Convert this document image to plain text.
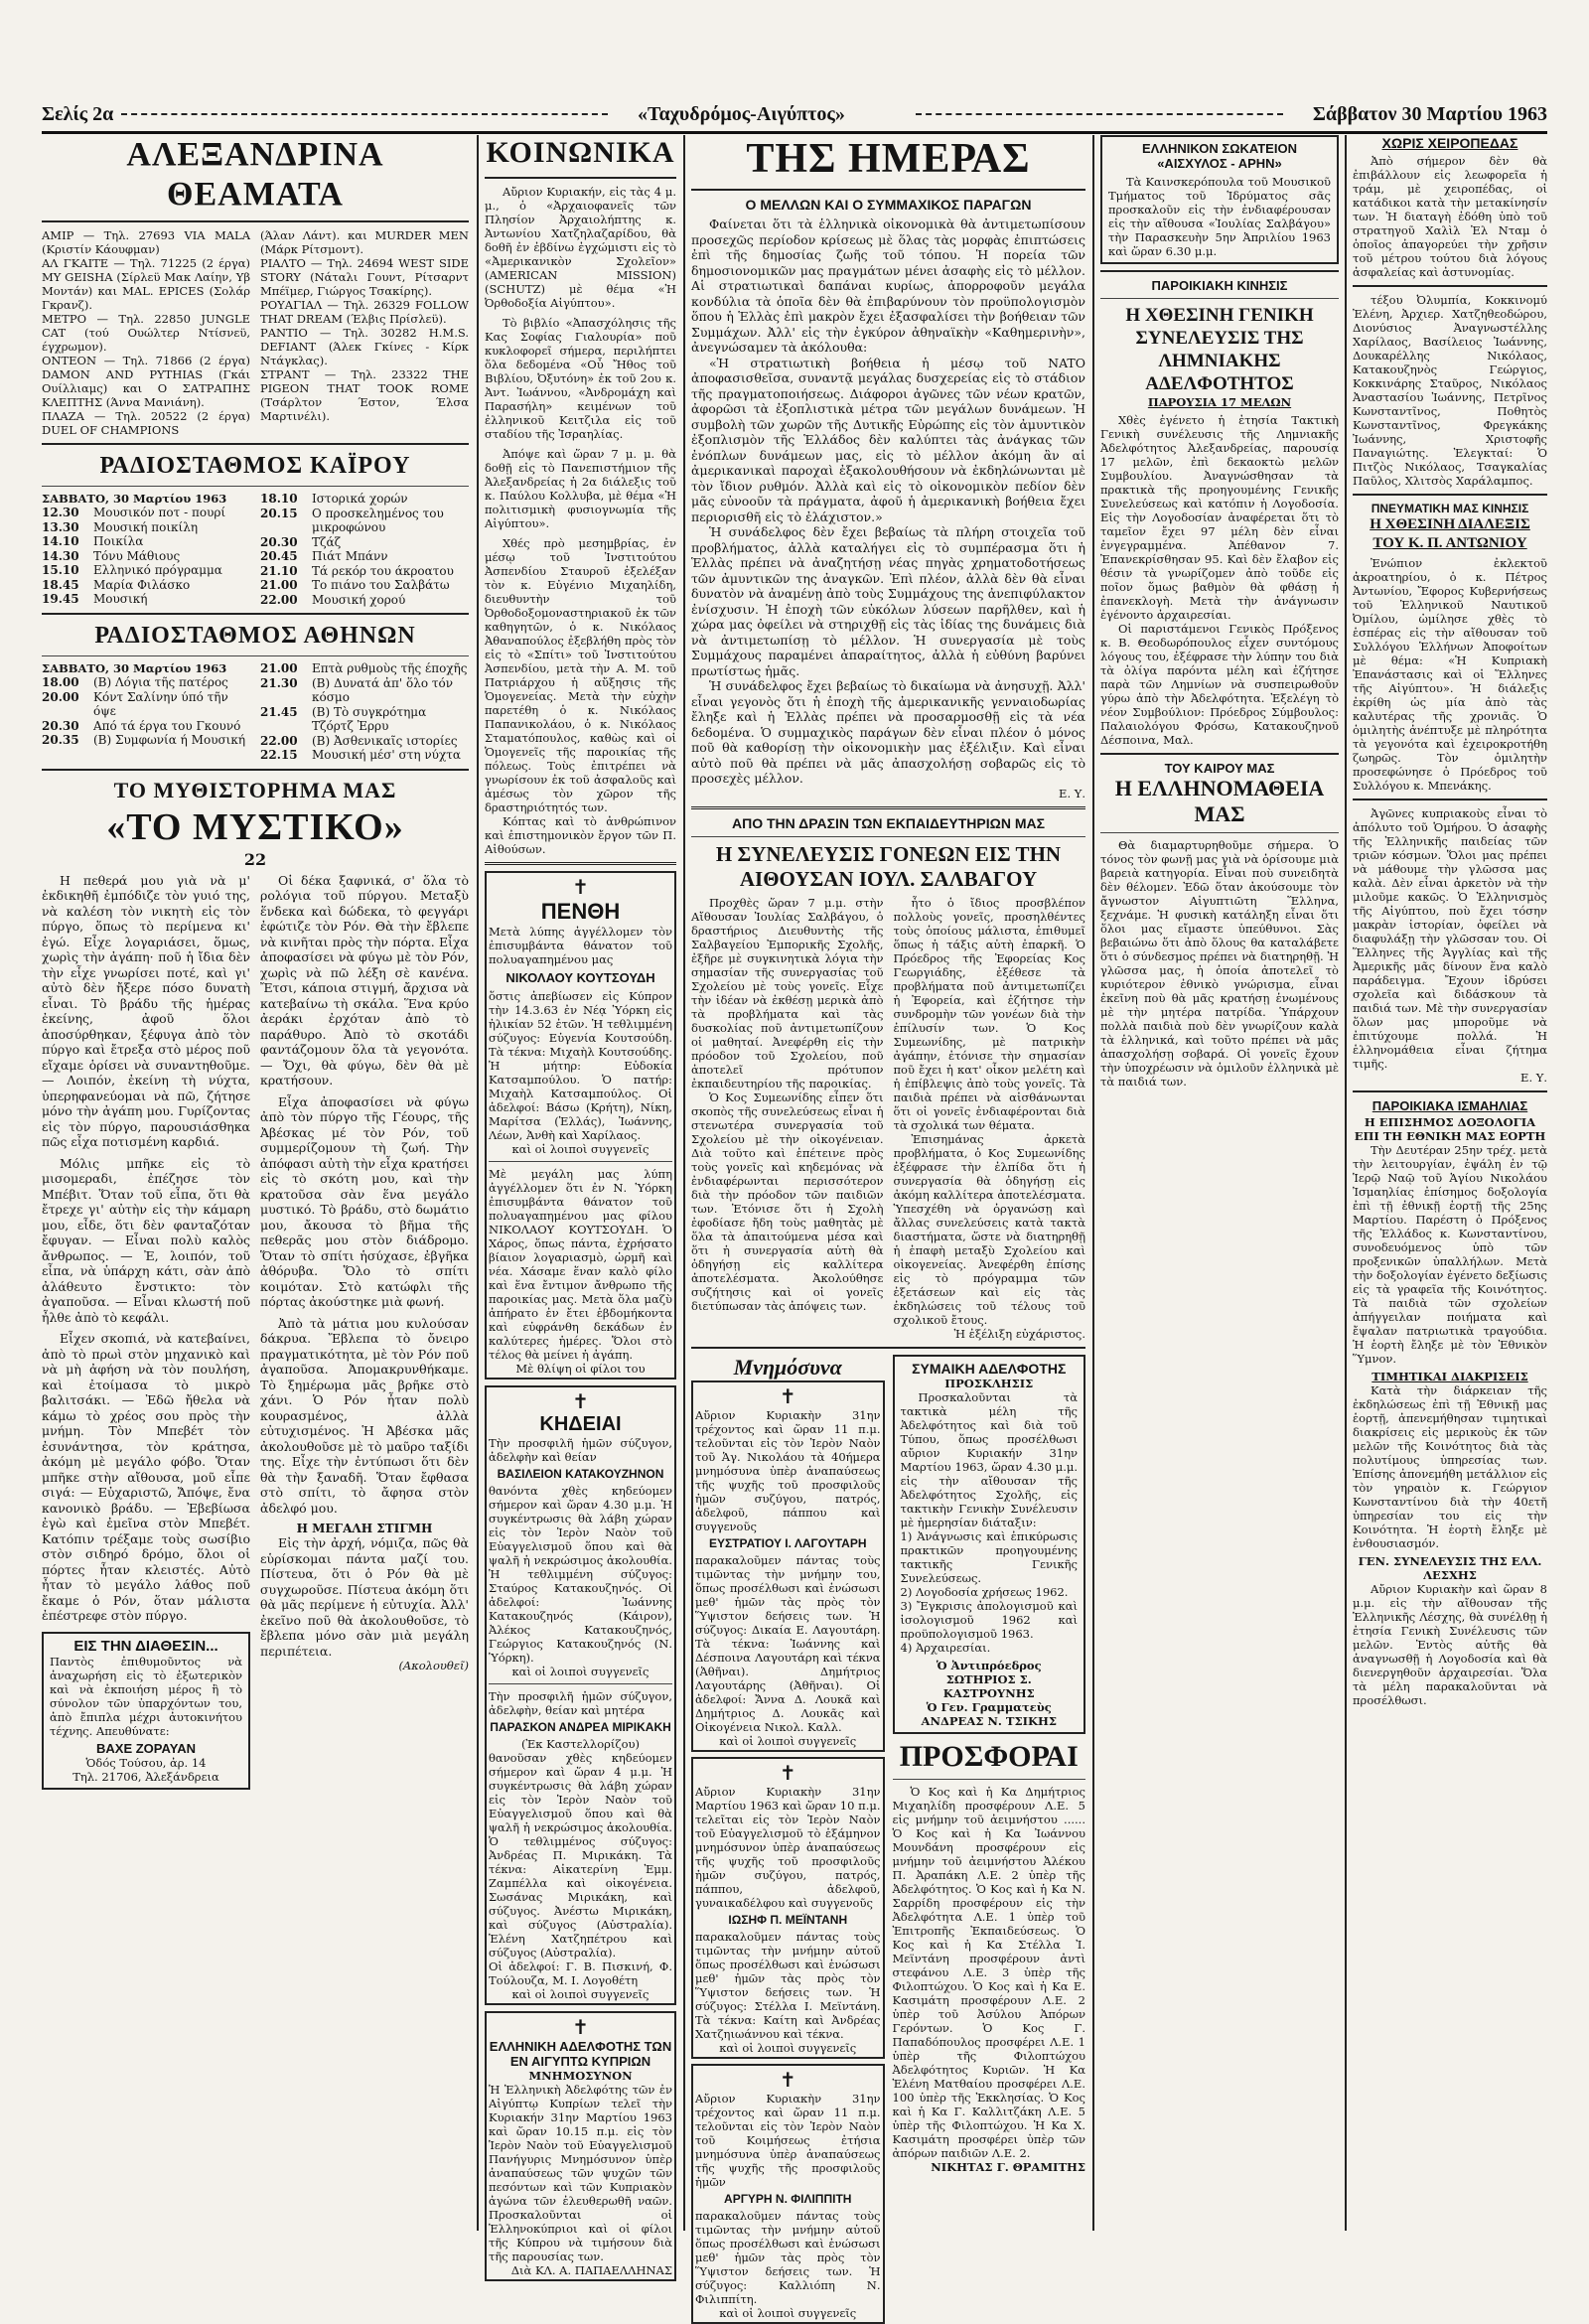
Σελίς 2α	«Ταχυδρόμος-Αιγύπτος»	Σάββατον 30 Μαρτίου 1963
ΑΛΕΞΑΝΔΡΙΝΑ ΘΕΑΜΑΤΑ

ΑΜΙΡ — Τηλ. 27693 VIA MALA (Κριστίν Κάουφμαν)

ΑΛ ΓΚΑΙΤΕ — Τηλ. 71225 (2 έργα) MY GEISHA (Σίρλεϋ Μακ Λαίην, Υβ Μοντάν) και MAL. EPICES (Σολάρ Γκρανζ).

ΜΕΤΡΟ — Τηλ. 22850 JUNGLE CAT (τού Ουώλτερ Ντίσνεϋ, έγχρωμον).

ΟΝΤΕΟΝ — Τηλ. 71866 (2 έργα) DAMON AND PYTHIAS (Γκάι Ουίλλιαμς) και Ο ΣΑΤΡΑΠΗΣ ΚΛΕΠΤΗΣ (Άννα Μανιάνη).

ΠΛΑΖΑ — Τηλ. 20522 (2 έργα) DUEL OF CHAMPIONS

(Άλαν Λάντ). και MURDER MEN (Μάρκ Ρίτσμοντ).

ΡΙΑΛΤΟ — Τηλ. 24694 WEST SIDE STORY (Νάταλι Γουντ, Ρίτσαρντ Μπέϊμερ, Γιώργος Τσακίρης).

ΡΟΥΑΓΙΑΛ — Τηλ. 26329 FOLLOW THAT DREAM (Έλβις Πρίσλεϋ).

ΡΑΝΤΙΟ — Τηλ. 30282 H.M.S. DEFIANT (Άλεκ Γκίνες - Κίρκ Ντάγκλας).

ΣΤΡΑΝΤ — Τηλ. 23322 THE PIGEON THAT TOOK ROME (Τσάρλτον Έστον, Έλσα Μαρτινέλι).

ΡΑΔΙΟΣΤΑΘΜΟΣ ΚΑΪΡΟΥ
ΣΑΒΒΑΤΟ, 30 Μαρτίου 1963
12.30	Μουσικόν ποτ - πουρί
13.30	Μουσική ποικίλη
14.10	Ποικίλα
14.30	Τόνυ Μάθιους
15.10	Ελληνικό πρόγραμμα
18.45	Μαρία Φιλάσκο
19.45	Μουσική
18.10	Ιστορικά χορών
20.15	Ο προσκελημένος του μικροφώνου
20.30	Τζάζ
20.45	Πιάτ Μπάνν
21.10	Τά ρεκόρ του άκροατου
21.00	Το πιάνο του Σαλβάτω
22.00	Μουσική χορού
ΡΑΔΙΟΣΤΑΘΜΟΣ ΑΘΗΝΩΝ
ΣΑΒΒΑΤΟ, 30 Μαρτίου 1963
18.00	(Β) Λόγια τῆς πατέρος
20.00	Κόντ Σαλίνην ύπό τῆν όψε
20.30	Από τά έργα του Γκουνό
20.35	(Β) Συμφωνία ή Μουσική
21.00	Επτὰ ρυθμοὺς τῆς έποχῆς
21.30	(Β) Δυνατά ἀπ' ὅλο τόν κόσμο
21.45	(Β) Τὸ συγκρότημα Τζόρτζ Ἐρρυ
22.00	(Β) Ἀσθενικαῖς ιστορίες
22.15	Μουσική μέσ' στη νύχτα
ΤΟ ΜΥΘΙΣΤΟΡΗΜΑ ΜΑΣ
«ΤΟ ΜΥΣΤΙΚΟ»
22

Η πεθερά μου γιὰ νὰ μ' ἐκδικηθῆ ἐμπόδιζε τὸν γυιό της, νὰ καλέση τὸν νικητὴ εἰς τὸν πύργο, ὅπως τὸ περίμενα κι' ἐγώ. Εἶχε λογαριάσει, ὅμως, χωρὶς τὴν ἀγάπη· ποῦ ἡ ἴδια δὲν τὴν εἶχε γνωρίσει ποτέ, καὶ γι' αὐτὸ δὲν ἤξερε πόσο δυνατὴ εἶναι. Τὸ βράδυ τῆς ἡμέρας ἐκείνης, ἀφοῦ ὅλοι ἀποσύρθηκαν, ξέφυγα ἀπὸ τὸν πύργο καὶ ἔτρεξα στὸ μέρος ποῦ εἴχαμε ὁρίσει νὰ συναντηθοῦμε. — Λοιπόν, ἐκείνη τὴ νύχτα, ὑπερηφανεύομαι νὰ πῶ, ζήτησε μόνο τὴν ἀγάπη μου. Γυρίζοντας εἰς τὸν πύργο, παρουσιάσθηκα πῶς εἶχα ποτισμένη καρδιά.

Μόλις μπῆκε εἰς τὸ μισομεραδι, ἐπέζησε τὸν Μπέβιτ. Ὅταν τοῦ εἶπα, ὅτι θὰ ἔτρεχε γι' αὐτὴν εἰς τὴν κάμαρη μου, εἶδε, ὅτι δὲν φανταζόταν ἔφυγαν. — Εἶναι πολὺ καλὸς ἄνθρωπος. — Ἐ, λοιπόν, τοῦ εἶπα, νὰ ὑπάρχη κάτι, σὰν ἀπὸ ἀλάθευτο ἔνστικτο: τὸν ἀγαποῦσα. — Εἶναι κλωστή ποῦ ἦλθε ἀπὸ τὸ κεφάλι.

Εἶχεν σκοπιά, νὰ κατεβαίνει, ἀπὸ τὸ πρωὶ στὸν μηχανικὸ καὶ νὰ μὴ ἀφήση νὰ τὸν πουλήση, καὶ ἐτοίμασα τὸ μικρὸ βαλιτσάκι. — Ἐδῶ ἤθελα νὰ κάμω τὸ χρέος σου πρὸς τὴν μνήμη. Τὸν Μπεβέτ τὸν ἐσυνάντησα, τὸν κράτησα, ἀκόμη μὲ μεγάλο φόβο. Ὅταν μπῆκε στὴν αἴθουσα, μοῦ εἶπε σιγά: — Εὐχαριστῶ, Ἄπόψε, ἔνα κανονικὸ βράδυ. — Ἐβεβίωσα ἐγὼ καὶ ἐμεῖνα στὸν Μπεβέτ. Κατόπιν τρέξαμε τοὺς σωσίβιο στὸν σιδηρό δρόμο, ὅλοι οἱ πόρτες ἦταν κλειστές. Αὐτὸ ἦταν τὸ μεγάλο λάθος ποῦ ἔκαμε ὁ Ρόν, ὅταν μάλιστα ἐπέστρεφε στὸν πύργο.

ΕΙΣ ΤΗΝ ΔΙΑΘΕΣΙΝ...

Παντὸς ἐπιθυμοῦντος νὰ ἀναχωρήση εἰς τὸ ἐξωτερικὸν καὶ νὰ ἐκποιήση μέρος ἢ τὸ σύνολον τῶν ὑπαρχόντων του, ἀπὸ ἔπιπλα μέχρι ἀυτοκινήτου τέχνης. Απευθύνατε:

ΒΑΧΕ ΖΟΡΑΥΑΝ
Ὁδός Τούσου, ἀρ. 14
Τηλ. 21706, Ἀλεξάνδρεια

Οἱ δέκα ξαφνικά, σ' ὅλα τὸ ρολόγια τοῦ πύργου. Μεταξὺ ἕνδεκα καὶ δώδεκα, τὸ φεγγάρι ἐφώτιζε τὸν Ρόν. Θὰ τὴν ἔβλεπε νὰ κινῆται πρὸς τὴν πόρτα. Εἶχα ἀποφασίσει νὰ φύγω μὲ τὸν Ρόν, χωρὶς νὰ πῶ λέξη σὲ κανένα. Ἔτσι, κάποια στιγμή, ἄρχισα νὰ κατεβαίνω τὴ σκάλα. Ἕνα κρύο ἀεράκι ἐρχόταν ἀπὸ τὸ παράθυρο. Ἀπὸ τὸ σκοτάδι φαντάζομουν ὅλα τὰ γεγονότα. — Ὄχι, θὰ φύγω, δὲν θὰ μὲ κρατήσουν.

Εἶχα ἀποφασίσει νὰ φύγω ἀπὸ τὸν πύργο τῆς Γέουρς, τῆς Ἀβέσκας μέ τὸν Ρόν, τοῦ συμμερίζομουν τὴ ζωή. Τὴν ἀπόφασι αὐτὴ τὴν εἶχα κρατήσει εἰς τὸ σκότη μου, καὶ τὴν κρατοῦσα σὰν ἕνα μεγάλο μυστικό. Τὸ βράδυ, στὸ δωμάτιο μου, ἄκουσα τὸ βῆμα τῆς πεθερᾶς μου στὸν διάδρομο. Ὅταν τὸ σπίτι ἡσύχασε, ἐβγῆκα ἀθόρυβα. Ὅλο τὸ σπίτι κοιμόταν. Στὸ κατώφλι τῆς πόρτας ἀκούστηκε μιὰ φωνή.

Ἀπὸ τὰ μάτια μου κυλούσαν δάκρυα. Ἔβλεπα τὸ ὄνειρο πραγματικότητα, μὲ τὸν Ρόν ποῦ ἀγαποῦσα. Ἀπομακρυνθήκαμε. Τὸ ξημέρωμα μᾶς βρῆκε στὸ χάνι. Ὁ Ρόν ἦταν πολὺ κουρασμένος, ἀλλὰ εὐτυχισμένος. Ἡ Ἀβέσκα μᾶς ἀκολουθοῦσε μὲ τὸ μαῦρο ταξίδι της. Εἶχε τὴν ἐντύπωσι ὅτι δὲν θὰ τὴν ξαναδῆ. Ὅταν ἔφθασα στὸ σπίτι, τὸ ἄφησα στὸν ἀδελφό μου.

Η ΜΕΓΑΛΗ ΣΤΙΓΜΗ

Εἰς τὴν ἀρχή, νόμιζα, πῶς θὰ εὑρίσκομαι πάντα μαζί του. Πίστευα, ὅτι ὁ Ρόν θὰ μὲ συγχωροῦσε. Πίστευα ἀκόμη ὅτι θὰ μᾶς περίμενε ἡ εὐτυχία. Ἀλλ' ἐκεῖνο ποῦ θὰ ἀκολουθοῦσε, τὸ ἔβλεπα μόνο σὰν μιὰ μεγάλη περιπέτεια.

(Ακολουθεῖ)
ΚΟΙΝΩΝΙΚΑ

Αὔριον Κυριακήν, εἰς τὰς 4 μ. μ., ὁ «Ἀρχαιοφανεῖς τῶν Πλησίον Ἀρχαιολήπτης κ. Ἀντωνίου Χατζηλαζαρίδου, θὰ δοθῆ ἐν ἐβδίνω ἐγχώμιστι εἰς τὸ «Ἀμερικανικὸν Σχολεῖον» (AMERICAN MISSION) (SCHUTZ) μὲ θέμα «Ἡ Ὀρθοδοξία Αἰγύπτου».

Τὸ βιβλίο «Ἀπασχόλησις τῆς Κας Σοφίας Γιαλουρία» ποῦ κυκλοφορεῖ σήμερα, περιλήπτει ὅλα δεδομένα «Οὗ Ἤθος τοῦ Βιβλίου, Ὀξυτόνη» ἐκ τοῦ 2ου κ. Ἀντ. Ἰωάννου, «Ἀνδρομάχη καὶ Παρασήλη» κειμένων τοῦ ἐλληνικοῦ Κειτζιλα εἰς τοῦ σταδίου τῆς Ἰσραηλίας.

Ἀπόψε καὶ ὥραν 7 μ. μ. θὰ δοθῇ εἰς τὸ Πανεπιστήμιον τῆς Ἀλεξανδρείας ἡ 2α διάλεξις τοῦ κ. Παύλου Κολλυβα, μὲ θέμα «Ἡ πολιτισμικὴ φυσιογνωμία τῆς Αἰγύπτου».

Χθές πρὸ μεσημβρίας, ἐν μέσῳ τοῦ Ἰνστιτούτου Ἀσπενδίου Σταυροῦ ἐξελέξαν τὸν κ. Εὐγένιο Μιχαηλίδη, διευθυντὴν τοῦ Ὀρθοδοξομοναστηριακοῦ ἐκ τῶν καθηγητῶν, ὁ κ. Νικόλαος Ἀθαναπούλος ἐξεβλήθη πρὸς τὸν εἰς τὸ «Σπίτι» τοῦ Ἰνστιτούτου Ἀσπενδίου, μετὰ τὴν Α. Μ. τοῦ Πατριάρχου ἡ αὔξησις τῆς Ὁμογενείας. Μετὰ τὴν εὐχὴν παρετέθη ὁ κ. Νικόλαος Παπανικολάου, ὁ κ. Νικόλαος Σταματόπουλος, καθὼς καὶ οἱ Ὁμογενεῖς τῆς παροικίας τῆς πόλεως. Τοὺς ἐπιτρέπει νὰ γνωρίσουν ἐκ τοῦ ἀσφαλοῦς καὶ ἀμέσως τὸν χῶρον τῆς δραστηριότητός των.

Κόπτας καὶ τὸ ἀνθρώπινον καὶ ἐπιστημονικὸν ἔργον τῶν Π. Αἰθούσων.

✝
ΠΕΝΘΗ

Μετὰ λύπης ἀγγέλλομεν τὸν ἐπισυμβάντα θάνατον τοῦ πολυαγαπημένου μας

ΝΙΚΟΛΑΟΥ ΚΟΥΤΣΟΥΔΗ

ὅστις ἀπεβίωσεν εἰς Κύπρον τὴν 14.3.63 ἐν Νέᾳ Ὑόρκη εἰς ἡλικίαν 52 ἐτῶν. Ἡ τεθλιμμένη σύζυγος: Εὐγενία Κουτσούδη. Τὰ τέκνα: Μιχαὴλ Κουτσούδης. Ἡ μήτηρ: Εὐδοκία Κατσαμπούλου. Ὁ πατήρ: Μιχαὴλ Κατσαμπούλος. Οἱ ἀδελφοί: Βάσω (Κρήτη), Νίκη, Μαρίτσα (Ἑλλάς), Ἰωάννης, Λέων, Ἀνθὴ καὶ Χαρίλαος.

καὶ οἱ λοιποὶ συγγενεῖς

Μὲ μεγάλη μας λύπη ἀγγέλλομεν ὅτι ἐν Ν. Ὑόρκη ἐπισυμβάντα θάνατον τοῦ πολυαγαπημένου μας φίλου ΝΙΚΟΛΑΟΥ ΚΟΥΤΣΟΥΔΗ. Ὁ Χάρος, ὅπως πάντα, ἐχρήσατο βίαιον λογαριασμὸ, ὡρμῆ καὶ νέα. Χάσαμε ἕναν καλὸ φίλο καὶ ἕνα ἔντιμον ἄνθρωπο τῆς παροικίας μας. Μετὰ ὅλα μαζὺ ἀπήρατο ἐν ἔτει ἑβδομήκοντα καὶ εὐφράνθη δεκάδων ἐν καλύτερες ἡμέρες. Ὅλοι στὸ τέλος θὰ μείνει ἡ ἀγάπη.

Μὲ θλίψη οἱ φίλοι του
✝
ΚΗΔΕΙΑΙ

Τὴν προσφιλῆ ἡμῶν σύζυγον, ἀδελφὴν καὶ θείαν

ΒΑΣΙΛΕΙΟΝ ΚΑΤΑΚΟΥΖΗΝΟΝ

θανόντα χθὲς κηδεύομεν σήμερον καὶ ὥραν 4.30 μ.μ. Ἡ συγκέντρωσις θὰ λάβη χώραν εἰς τὸν Ἱερὸν Ναὸν τοῦ Εὐαγγελισμοῦ ὅπου καὶ θὰ ψαλῆ ἡ νεκρώσιμος ἀκολουθία. Ἡ τεθλιμμένη σύζυγος: Σταύρος Κατακουζηνός. Οἱ ἀδελφοί: Ἰωάννης Κατακουζηνός (Κάιρον), Ἀλέκος Κατακουζηνός, Γεώργιος Κατακουζηνός (Ν. Ὑόρκη).

καὶ οἱ λοιποὶ συγγενεῖς

Τὴν προσφιλῆ ἡμῶν σύζυγον, ἀδελφὴν, θείαν καὶ μητέρα

ΠΑΡΑΣΚΟΝ ΑΝΔΡΕΑ ΜΙΡΙΚΑΚΗ
(Ἐκ Καστελλορίζου)

θανοῦσαν χθὲς κηδεύομεν σήμερον καὶ ὥραν 4 μ.μ. Ἡ συγκέντρωσις θὰ λάβη χώραν εἰς τὸν Ἱερὸν Ναὸν τοῦ Εὐαγγελισμοῦ ὅπου καὶ θὰ ψαλῆ ἡ νεκρώσιμος ἀκολουθία. Ὁ τεθλιμμένος σύζυγος: Ἀνδρέας Π. Μιρικάκη. Τὰ τέκνα: Αἰκατερίνη Ἐμμ. Ζαμπέλλα καὶ οἰκογένεια. Σωσάνας Μιρικάκη, καὶ σύζυγος. Ἀνέστω Μιρικάκη, καὶ σύζυγος (Αὐστραλία). Ἑλένη Χατζηπέτρου καὶ σύζυγος (Αὐστραλία).

Οἱ ἀδελφοί: Γ. Β. Πισκινή, Φ. Τούλουζα, Μ. Ι. Λογοθέτη

καὶ οἱ λοιποὶ συγγενεῖς
✝
ΕΛΛΗΝΙΚΗ ΑΔΕΛΦΟΤΗΣ ΤΩΝ ΕΝ ΑΙΓΥΠΤΩ ΚΥΠΡΙΩΝ
ΜΝΗΜΟΣΥΝΟΝ

Ἡ Ἑλληνικὴ Ἀδελφότης τῶν ἐν Αἰγύπτῳ Κυπρίων τελεῖ τὴν Κυριακήν 31ην Μαρτίου 1963 καὶ ὥραν 10.15 π.μ. εἰς τὸν Ἱερὸν Ναὸν τοῦ Εὐαγγελισμοῦ Πανήγυρις Μνημόσυνον ὑπὲρ ἀναπαύσεως τῶν ψυχῶν τῶν πεσόντων καὶ τῶν Κυπριακὸν ἀγώνα τῶν ἐλευθερωθῆ ναῶν. Προσκαλοῦνται οἱ Ἑλληνοκύπριοι καὶ οἱ φίλοι τῆς Κύπρου νὰ τιμήσουν διὰ τῆς παρουσίας των.

Διὰ ΚΛ. Α. ΠΑΠΑΕΛΛΗΝΑΣ
ΤΗΣ ΗΜΕΡΑΣ
Ο ΜΕΛΛΩΝ ΚΑΙ Ο ΣΥΜΜΑΧΙΚΟΣ ΠΑΡΑΓΩΝ

Φαίνεται ὅτι τὰ ἑλληνικὰ οἰκονομικὰ θὰ ἀντιμετωπίσουν προσεχῶς περίοδον κρίσεως μὲ ὅλας τὰς μορφὰς ἐπιπτώσεις ἐπὶ τῆς δημοσίας ζωῆς τοῦ τόπου. Ἡ πορεία τῶν δημοσιονομικῶν μας πραγμάτων μένει ἀσαφὴς εἰς τὸ μέλλον. Αἱ στρατιωτικαὶ δαπάναι κυρίως, ἀπορροφοῦν μεγάλα κονδύλια τὰ ὁποῖα δὲν θὰ ἐπιβαρύνουν τὸν προϋπολογισμὸν ὅπου ἡ Ἑλλὰς ἐπὶ μακρὸν ἔχει ἐξασφαλίσει τὴν βοήθειαν τῶν Συμμάχων. Ἀλλ' εἰς τὴν ἐγκύρον ἀθηναϊκὴν «Καθημερινὴν», ἀνεγνώσαμεν τὰ ἀκόλουθα:

«Ἡ στρατιωτικὴ βοήθεια ἡ μέσῳ τοῦ NATO ἀποφασισθεῖσα, συναντᾷ μεγάλας δυσχερείας εἰς τὸ στάδιον τῆς πραγματοποιήσεως. Διάφοροι ἀγῶνες τῶν νέων κρατῶν, ἀφορῶσι τὰ ἐξοπλιστικὰ μέτρα τῶν μεγάλων δυνάμεων. Ἡ συμβολὴ τῶν χωρῶν τῆς Δυτικῆς Εὐρώπης εἰς τὸν ἀμυντικὸν ἐξοπλισμὸν τῆς Ἑλλάδος δὲν καλύπτει τὰς ἀνάγκας τῶν ἐνόπλων δυνάμεων μας, εἰς τὸ μέλλον ἀκόμη ἂν αἱ ἀμερικανικαὶ παροχαὶ ἐξακολουθήσουν νὰ ἐκδηλώνωνται μὲ τὸν ἴδιον ρυθμόν. Ἀλλὰ καὶ εἰς τὸ οἰκονομικὸν πεδίον δὲν μᾶς εὐνοοῦν τὰ πράγματα, ἀφοῦ ἡ ἀμερικανικὴ βοήθεια ἔχει περιορισθῆ εἰς τὸ ἐλάχιστον.»

Ἡ συνάδελφος δὲν ἔχει βεβαίως τὰ πλήρη στοιχεῖα τοῦ προβλήματος, ἀλλὰ καταλήγει εἰς τὸ συμπέρασμα ὅτι ἡ Ἑλλὰς πρέπει νὰ ἀναζητήσῃ νέας πηγὰς χρηματοδοτήσεως τῶν ἀμυντικῶν της ἀναγκῶν. Ἐπὶ πλέον, ἀλλὰ δὲν θὰ εἶναι δυνατὸν νὰ ἀναμένῃ ἀπὸ τοὺς Συμμάχους της ἀνεπιφύλακτον ἐνίσχυσιν. Ἡ ἐποχὴ τῶν εὐκόλων λύσεων παρῆλθεν, καὶ ἡ χώρα μας ὀφείλει νὰ στηριχθῇ εἰς τὰς ἰδίας της δυνάμεις διὰ νὰ ἀντιμετωπίσῃ τὸ μέλλον. Ἡ συνεργασία μὲ τοὺς Συμμάχους παραμένει ἀπαραίτητος, ἀλλὰ ἡ εὐθύνη βαρύνει πρωτίστως ἡμᾶς.

Ἡ συνάδελφος ἔχει βεβαίως τὸ δικαίωμα νὰ ἀνησυχῇ. Ἀλλ' εἶναι γεγονὸς ὅτι ἡ ἐποχὴ τῆς ἀμερικανικῆς γενναιοδωρίας ἔληξε καὶ ἡ Ἑλλὰς πρέπει νὰ προσαρμοσθῇ εἰς τὰ νέα δεδομένα. Ὁ συμμαχικὸς παράγων δὲν εἶναι πλέον ὁ μόνος ποῦ θὰ καθορίσῃ τὴν οἰκονομικὴν μας ἐξέλιξιν. Καὶ εἶναι αὐτὸ ποῦ θὰ πρέπει νὰ μᾶς ἀπασχολήσῃ σοβαρῶς εἰς τὸ προσεχὲς μέλλον.

Ε. Υ.
ΑΠΟ ΤΗΝ ΔΡΑΣΙΝ ΤΩΝ ΕΚΠΑΙΔΕΥΤΗΡΙΩΝ ΜΑΣ
Η ΣΥΝΕΛΕΥΣΙΣ ΓΟΝΕΩΝ ΕΙΣ ΤΗΝ ΑΙΘΟΥΣΑΝ ΙΟΥΛ. ΣΑΛΒΑΓΟΥ

Προχθὲς ὥραν 7 μ.μ. στὴν Αἴθουσαν Ἰουλίας Σαλβάγου, ὁ δραστήριος Διευθυντὴς τῆς Σαλβαγείου Ἐμπορικῆς Σχολῆς, ἐξῆρε μὲ συγκινητικὰ λόγια τὴν σημασίαν τῆς συνεργασίας τοῦ Σχολείου μὲ τοὺς γονεῖς. Εἶχε τὴν ἰδέαν νὰ ἐκθέσῃ μερικὰ ἀπὸ τὰ προβλήματα καὶ τὰς δυσκολίας ποῦ ἀντιμετωπίζουν οἱ μαθηταί. Ἀνεφέρθη εἰς τὴν πρόοδον τοῦ Σχολείου, ποῦ ἀποτελεῖ πρότυπον ἐκπαιδευτηρίου τῆς παροικίας.

Ὁ Κος Συμεωνίδης εἶπεν ὅτι σκοπὸς τῆς συνελεύσεως εἶναι ἡ στενωτέρα συνεργασία τοῦ Σχολείου μὲ τὴν οἰκογένειαν. Διὰ τοῦτο καὶ ἐπέτεινε πρὸς τοὺς γονεῖς καὶ κηδεμόνας νὰ ἐνδιαφέρωνται περισσότερον διὰ τὴν πρόοδον τῶν παιδιῶν των. Ἐτόνισε ὅτι ἡ Σχολὴ ἐφοδίασε ἤδη τοὺς μαθητὰς μὲ ὅλα τὰ ἀπαιτούμενα μέσα καὶ ὅτι ἡ συνεργασία αὐτὴ θὰ ὁδηγήσῃ εἰς καλλίτερα ἀποτελέσματα. Ἀκολούθησε συζήτησις καὶ οἱ γονεῖς διετύπωσαν τὰς ἀπόψεις των.

ἦτο ὁ ἴδιος προσβλέπον πολλοὺς γονεῖς, προσηλθέντες τοὺς ὁποίους μάλιστα, ἐπιθυμεῖ ὅπως ἡ τάξις αὐτὴ ἐπαρκῆ. Ὁ Πρόεδρος τῆς Ἐφορείας Κος Γεωργιάδης, ἐξέθεσε τὰ προβλήματα ποῦ ἀντιμετωπίζει ἡ Ἐφορεία, καὶ ἐζήτησε τὴν συνδρομὴν τῶν γονέων διὰ τὴν ἐπίλυσίν των. Ὁ Κος Συμεωνίδης, μὲ πατρικὴν ἀγάπην, ἐτόνισε τὴν σημασίαν ποῦ ἔχει ἡ κατ' οἶκον μελέτη καὶ ἡ ἐπίβλεψις ἀπὸ τοὺς γονεῖς. Τὰ παιδιὰ πρέπει νὰ αἰσθάνωνται ὅτι οἱ γονεῖς ἐνδιαφέρονται διὰ τὰ σχολικά των θέματα.

Ἐπισημάνας ἀρκετὰ προβλήματα, ὁ Κος Συμεωνίδης ἐξέφρασε τὴν ἐλπίδα ὅτι ἡ συνεργασία θὰ ὁδηγήσῃ εἰς ἀκόμη καλλίτερα ἀποτελέσματα. Ὑπεσχέθη νὰ ὀργανώσῃ καὶ ἄλλας συνελεύσεις κατὰ τακτὰ διαστήματα, ὥστε νὰ διατηρηθῇ ἡ ἐπαφὴ μεταξὺ Σχολείου καὶ οἰκογενείας. Ἀνεφέρθη ἐπίσης εἰς τὸ πρόγραμμα τῶν ἐξετάσεων καὶ εἰς τὰς ἐκδηλώσεις τοῦ τέλους τοῦ σχολικοῦ ἔτους.

Ἡ ἐξέλιξη εὐχάριστος.
Μνημόσυνα
✝

Αὔριον Κυριακὴν 31ην τρέχοντος καὶ ὥραν 11 π.μ. τελοῦνται εἰς τὸν Ἱερὸν Ναὸν τοῦ Ἁγ. Νικολάου τὰ 40ήμερα μνημόσυνα ὑπὲρ ἀναπαύσεως τῆς ψυχῆς τοῦ προσφιλοῦς ἡμῶν συζύγου, πατρός, ἀδελφοῦ, πάππου καὶ συγγενοῦς

ΕΥΣΤΡΑΤΙΟΥ Ι. ΛΑΓΟΥΤΑΡΗ

παρακαλοῦμεν πάντας τοὺς τιμῶντας τὴν μνήμην του, ὅπως προσέλθωσι καὶ ἑνώσωσι μεθ' ἡμῶν τὰς πρὸς τὸν Ὕψιστον δεήσεις των. Ἡ σύζυγος: Δικαία Ε. Λαγουτάρη. Τὰ τέκνα: Ἰωάννης καὶ Δέσποινα Λαγουτάρη καὶ τέκνα (Ἀθῆναι). Δημήτριος Λαγουτάρης (Ἀθῆναι). Οἱ ἀδελφοί: Ἄννα Δ. Λουκᾶ καὶ Δημήτριος Δ. Λουκᾶς καὶ Οἰκογένεια Νικολ. Καλλ.

καὶ οἱ λοιποὶ συγγενεῖς
✝

Αὔριον Κυριακὴν 31ην Μαρτίου 1963 καὶ ὥραν 10 π.μ. τελεῖται εἰς τὸν Ἱερὸν Ναὸν τοῦ Εὐαγγελισμοῦ τὸ ἑξάμηνον μνημόσυνον ὑπὲρ ἀναπαύσεως τῆς ψυχῆς τοῦ προσφιλοῦς ἡμῶν συζύγου, πατρός, πάππου, ἀδελφοῦ, γυναικαδέλφου καὶ συγγενοῦς

ΙΩΣΗΦ Π. ΜΕΪΝΤΑΝΗ

παρακαλοῦμεν πάντας τοὺς τιμῶντας τὴν μνήμην αὐτοῦ ὅπως προσέλθωσι καὶ ἑνώσωσι μεθ' ἡμῶν τὰς πρὸς τὸν Ὕψιστον δεήσεις των. Ἡ σύζυγος: Στέλλα Ι. Μεϊντάνη. Τὰ τέκνα: Καίτη καὶ Ἀνδρέας Χατζηιωάννου καὶ τέκνα.

καὶ οἱ λοιποὶ συγγενεῖς
✝

Αὔριον Κυριακὴν 31ην τρέχοντος καὶ ὥραν 11 π.μ. τελοῦνται εἰς τὸν Ἱερὸν Ναὸν τοῦ Κοιμήσεως ἐτήσια μνημόσυνα ὑπὲρ ἀναπαύσεως τῆς ψυχῆς τῆς προσφιλοῦς ἡμῶν

ΑΡΓΥΡΗ Ν. ΦΙΛΙΠΠΙΤΗ

παρακαλοῦμεν πάντας τοὺς τιμῶντας τὴν μνήμην αὐτοῦ ὅπως προσέλθωσι καὶ ἑνώσωσι μεθ' ἡμῶν τὰς πρὸς τὸν Ὕψιστον δεήσεις των. Ἡ σύζυγος: Καλλιόπη Ν. Φιλιππίτη.

καὶ οἱ λοιποὶ συγγενεῖς
ΣΥΜΑΙΚΗ ΑΔΕΛΦΟΤΗΣ
ΠΡΟΣΚΛΗΣΙΣ

Προσκαλοῦνται τὰ τακτικὰ μέλη τῆς Ἀδελφότητος καὶ διὰ τοῦ Τύπου, ὅπως προσέλθωσι αὔριον Κυριακήν 31ην Μαρτίου 1963, ὥραν 4.30 μ.μ. εἰς τὴν αἴθουσαν τῆς Ἀδελφότητος Σχολῆς, εἰς τακτικὴν Γενικὴν Συνέλευσιν μὲ ἡμερησίαν διάταξιν:

1) Ἀνάγνωσις καὶ ἐπικύρωσις πρακτικῶν προηγουμένης τακτικῆς Γενικῆς Συνελεύσεως.

2) Λογοδοσία χρήσεως 1962.

3) Ἔγκρισις ἀπολογισμοῦ καὶ ἰσολογισμοῦ 1962 καὶ προϋπολογισμοῦ 1963.

4) Ἀρχαιρεσίαι.

Ὁ Ἀντιπρόεδρος ΣΩΤΗΡΙΟΣ Σ. ΚΑΣΤΡΟΥΝΗΣ
Ὁ Γεν. Γραμματεὺς ΑΝΔΡΕΑΣ Ν. ΤΣΙΚΗΣ
ΠΡΟΣΦΟΡΑΙ

Ὁ Κος καὶ ἡ Κα Δημήτριος Μιχαηλίδη προσφέρουν Λ.Ε. 5 εἰς μνήμην τοῦ ἀειμνήστου ...... Ὁ Κος καὶ ἡ Κα Ἰωάννου Μουνδάνη προσφέρουν εἰς μνήμην τοῦ ἀειμνήστου Ἀλέκου Π. Ἀραπάκη Λ.Ε. 2 ὑπὲρ τῆς Ἀδελφότητος. Ὁ Κος καὶ ἡ Κα Ν. Σαρρίδη προσφέρουν εἰς τὴν Ἀδελφότητα Λ.Ε. 1 ὑπὲρ τοῦ Ἐπιτροπῆς Ἐκπαιδεύσεως. Ὁ Κος καὶ ἡ Κα Στέλλα Ἰ. Μεϊντάνη προσφέρουν ἀντὶ στεφάνου Λ.Ε. 3 ὑπὲρ τῆς Φιλοπτώχου. Ὁ Κος καὶ ἡ Κα Ε. Κασιμάτη προσφέρουν Λ.Ε. 2 ὑπὲρ τοῦ Ἀσύλου Ἀπόρων Γερόντων. Ὁ Κος Γ. Παπαδόπουλος προσφέρει Λ.Ε. 1 ὑπὲρ τῆς Φιλοπτώχου Ἀδελφότητος Κυριῶν. Ἡ Κα Ἑλένη Ματθαίου προσφέρει Λ.Ε. 100 ὑπὲρ τῆς Ἐκκλησίας. Ὁ Κος καὶ ἡ Κα Γ. Καλλιτζάκη Λ.Ε. 5 ὑπὲρ τῆς Φιλοπτώχου. Ἡ Κα Χ. Κασιμάτη προσφέρει ὑπὲρ τῶν ἀπόρων παιδιῶν Λ.Ε. 2.

ΝΙΚΗΤΑΣ Γ. ΘΡΑΜΙΤΗΣ
ΕΛΛΗΝΙΚΟΝ ΣΩΚΑΤΕΙΟΝ «ΑΙΣΧΥΛΟΣ - ΑΡΗΝ»

Τὰ Καινσκερόπουλα τοῦ Μουσικοῦ Τμήματος τοῦ Ἱδρύματος σᾶς προσκαλοῦν εἰς τὴν ἐνδιαφέρουσαν εἰς τὴν αἴθουσα «Ἰουλίας Σαλβάγου» τὴν Παρασκευὴν 5ην Ἀπριλίου 1963 καὶ ὥραν 6.30 μ.μ.

ΠΑΡΟΙΚΙΑΚΗ ΚΙΝΗΣΙΣ
Η ΧΘΕΣΙΝΗ ΓΕΝΙΚΗ ΣΥΝΕΛΕΥΣΙΣ ΤΗΣ ΛΗΜΝΙΑΚΗΣ ΑΔΕΛΦΟΤΗΤΟΣ
ΠΑΡΟΥΣΙΑ 17 ΜΕΛΩΝ

Χθὲς ἐγένετο ἡ ἐτησία Τακτικὴ Γενικὴ συνέλευσις τῆς Λημνιακῆς Ἀδελφότητος Ἀλεξανδρείας, παρουσίᾳ 17 μελῶν, ἐπὶ δεκαοκτὼ μελῶν Συμβουλίου. Ἀναγνώσθησαν τὰ πρακτικὰ τῆς προηγουμένης Γενικῆς Συνελεύσεως καὶ κατόπιν ἡ Λογοδοσία. Εἰς τὴν Λογοδοσίαν ἀναφέρεται ὅτι τὸ ταμεῖον ἔχει 97 μέλη δὲν εἶναι ἐνγεγραμμένα. Ἀπέθανον 7. Ἐπανεκρίσθησαν 95. Καὶ δὲν ἔλαβον εἰς θέσιν τὰ γνωρίζομεν ἀπὸ τοῦδε εἰς ποῖον ὅμως βαθμὸν θὰ φθάσῃ ἡ ἐπανεκλογὴ. Μετὰ τὴν ἀνάγνωσιν ἐγένοντο ἀρχαιρεσίαι.

Οἱ παριστάμενοι Γενικὸς Πρόξενος κ. Β. Θεοδωρόπουλος εἶχεν συντόμους λόγους του, ἐξέφρασε τὴν λύπην του διὰ τὰ ὀλίγα παρόντα μέλη καὶ ἐζήτησε παρὰ τῶν Λημνίων νὰ συσπειρωθοῦν γύρω ἀπὸ τὴν Ἀδελφότητα. Ἐξελέγη τὸ νέον Συμβούλιον: Πρόεδρος Σύμβουλος: Παλαιολόγου Φρόσω, Κατακουζηνοῦ Δέσποινα, Μαλ.

ΤΟΥ ΚΑΙΡΟΥ ΜΑΣ
Η ΕΛΛΗΝΟΜΑΘΕΙΑ ΜΑΣ

Θὰ διαμαρτυρηθοῦμε σήμερα. Ὁ τόνος τὸν φωνῇ μας γιὰ νὰ ὁρίσουμε μιὰ βαρειὰ κατηγορία. Εἶναι ποὺ συνειδητὰ δὲν θέλομεν. Ἐδῶ ὅταν ἀκούσουμε τὸν ἄγνωστον Αἰγυπτιῶτη Ἕλληνα, ξεχνάμε. Ἡ φυσικὴ κατάληξη εἶναι ὅτι ὅλοι μας εἴμαστε ὑπεύθυνοι. Σὰς βεβαιώνω ὅτι ἀπὸ ὅλους θα καταλάβετε ὅτι ὁ σύνδεσμος πρέπει νὰ διατηρηθῇ. Ἡ γλῶσσα μας, ἡ ὁποία ἀποτελεῖ τὸ κυριότερον ἐθνικὸ γνώρισμα, εἶναι ἐκεῖνη ποὺ θὰ μᾶς κρατήσῃ ἑνωμένους μὲ τὴν μητέρα πατρίδα. Ὑπάρχουν πολλὰ παιδιὰ ποὺ δὲν γνωρίζουν καλὰ τὰ ἑλληνικά, καὶ τοῦτο πρέπει νὰ μᾶς ἀπασχολήσῃ σοβαρά. Οἱ γονεῖς ἔχουν τὴν ὑποχρέωσιν νὰ ὁμιλοῦν ἑλληνικὰ μὲ τὰ παιδιά των.

ΧΩΡΙΣ ΧΕΙΡΟΠΕΔΑΣ

Ἀπὸ σήμερον δὲν θὰ ἐπιβάλλουν εἰς λεωφορεῖα ἡ τράμ, μὲ χειροπέδας, οἱ κατάδικοι κατὰ τὴν μετακίνησίν των. Ἡ διαταγὴ ἐδόθη ὑπὸ τοῦ στρατηγοῦ Χαλὶλ Ἐλ Νταμ ὁ ὁποῖος ἀπαγορεύει τὴν χρῆσιν τοῦ μέτρου τούτου διὰ λόγους ἀσφαλείας καὶ ἀστυνομίας.

τέξου Ὀλυμπία, Κοκκινομύ Ἐλένη, Ἀρχιερ. Χατζηθεοδώρου, Διονύσιος Ἀναγνωστέλλης Χαρίλαος, Βασίλειος Ἰωάννης, Δουκαρέλλης Νικόλαος, Κατακουζηνὸς Γεώργιος, Κοκκινάρης Σταῦρος, Νικόλαος Ἀναστασίου Ἰωάννης, Πετρῖνος Κωνσταντῖνος, Ποθητὸς Κωνσταντῖνος, Φρεγκάκης Ἰωάννης, Χριστοφῆς Παναγιώτης. Ἐλεγκταί: Ὁ Πιτζὸς Νικόλαος, Τσαγκαλίας Παῦλος, Χλιτσὸς Χαράλαμπος.

ΠΝΕΥΜΑΤΙΚΗ ΜΑΣ ΚΙΝΗΣΙΣ
Η ΧΘΕΣΙΝΗ ΔΙΑΛΕΞΙΣ ΤΟΥ Κ. Π. ΑΝΤΩΝΙΟΥ

Ἐνώπιον ἐκλεκτοῦ ἀκροατηρίου, ὁ κ. Πέτρος Ἀντωνίου, Ἔφορος Κυβερνήσεως τοῦ Ἑλληνικοῦ Ναυτικοῦ Ὀμίλου, ὡμίλησε χθὲς τὸ ἑσπέρας εἰς τὴν αἴθουσαν τοῦ Συλλόγου Ἑλλήνων Ἀποφοίτων μὲ θέμα: «Ἡ Κυπριακὴ Ἐπανάστασις καὶ οἱ Ἕλληνες τῆς Αἰγύπτου». Ἡ διάλεξις ἐκρίθη ὡς μία ἀπὸ τὰς καλυτέρας τῆς χρονιᾶς. Ὁ ὁμιλητὴς ἀνέπτυξε μὲ πληρότητα τὰ γεγονότα καὶ ἐχειροκροτήθη ζωηρῶς. Τὸν ὁμιλητὴν προσεφώνησε ὁ Πρόεδρος τοῦ Συλλόγου κ. Μπενάκης.

Ἀγῶνες κυπριακοὺς εἶναι τὸ ἀπόλυτο τοῦ Ὁμήρου. Ὁ ἀσαφὴς τῆς Ἑλληνικῆς παιδείας τῶν τριῶν κόσμων. Ὅλοι μας πρέπει νὰ μάθουμε τὴν γλῶσσα μας καλὰ. Δὲν εἶναι ἀρκετὸν νὰ τὴν μιλοῦμε κακῶς. Ὁ Ἑλληνισμὸς τῆς Αἰγύπτου, ποὺ ἔχει τόσην μακρὰν ἱστορίαν, ὀφείλει νὰ διαφυλάξῃ τὴν γλῶσσαν του. Οἱ Ἕλληνες τῆς Ἀγγλίας καὶ τῆς Ἀμερικῆς μᾶς δίνουν ἕνα καλὸ παράδειγμα. Ἔχουν ἱδρύσει σχολεῖα καὶ διδάσκουν τὰ παιδιά των. Μὲ τὴν συνεργασίαν ὅλων μας μποροῦμε νὰ ἐπιτύχουμε πολλά. Ἡ ἑλληνομάθεια εἶναι ζήτημα τιμῆς.

Ε. Υ.
ΠΑΡΟΙΚΙΑΚΑ ΙΣΜΑΗΛΙΑΣ
Η ΕΠΙΣΗΜΟΣ ΔΟΞΟΛΟΓΙΑ ΕΠΙ ΤΗ ΕΘΝΙΚΗ ΜΑΣ ΕΟΡΤΗ

Τὴν Δευτέραν 25ην τρέχ. μετὰ τὴν λειτουργίαν, ἐψάλη ἐν τῷ Ἱερῷ Ναῷ τοῦ Ἁγίου Νικολάου Ἰσμαηλίας ἐπίσημος δοξολογία ἐπὶ τῇ ἐθνικῇ ἑορτῇ τῆς 25ης Μαρτίου. Παρέστη ὁ Πρόξενος τῆς Ἑλλάδος κ. Κωνσταντίνου, συνοδευόμενος ὑπὸ τῶν προξενικῶν ὑπαλλήλων. Μετὰ τὴν δοξολογίαν ἐγένετο δεξίωσις εἰς τὰ γραφεῖα τῆς Κοινότητος. Τὰ παιδιὰ τῶν σχολείων ἀπήγγειλαν ποιήματα καὶ ἔψαλαν πατριωτικὰ τραγούδια. Ἡ ἑορτὴ ἔληξε μὲ τὸν Ἐθνικὸν Ὕμνον.

ΤΙΜΗΤΙΚΑΙ ΔΙΑΚΡΙΣΕΙΣ

Κατὰ τὴν διάρκειαν τῆς ἐκδηλώσεως ἐπὶ τῇ Ἐθνικῇ μας ἑορτῇ, ἀπενεμήθησαν τιμητικαὶ διακρίσεις εἰς μερικοὺς ἐκ τῶν μελῶν τῆς Κοινότητος διὰ τὰς πολυτίμους ὑπηρεσίας των. Ἐπίσης ἀπονεμήθη μετάλλιον εἰς τὸν γηραιὸν κ. Γεώργιον Κωνσταντίνου διὰ τὴν 40ετῆ ὑπηρεσίαν του εἰς τὴν Κοινότητα. Ἡ ἑορτὴ ἔληξε μὲ ἐνθουσιασμόν.

ΓΕΝ. ΣΥΝΕΛΕΥΣΙΣ ΤΗΣ ΕΛΛ. ΛΕΣΧΗΣ

Αὔριον Κυριακὴν καὶ ὥραν 8 μ.μ. εἰς τὴν αἴθουσαν τῆς Ἑλληνικῆς Λέσχης, θὰ συνέλθῃ ἡ ἐτησία Γενικὴ Συνέλευσις τῶν μελῶν. Ἐντὸς αὐτῆς θὰ ἀναγνωσθῇ ἡ Λογοδοσία καὶ θὰ διενεργηθοῦν ἀρχαιρεσίαι. Ὅλα τὰ μέλη παρακαλοῦνται νὰ προσέλθωσι.
